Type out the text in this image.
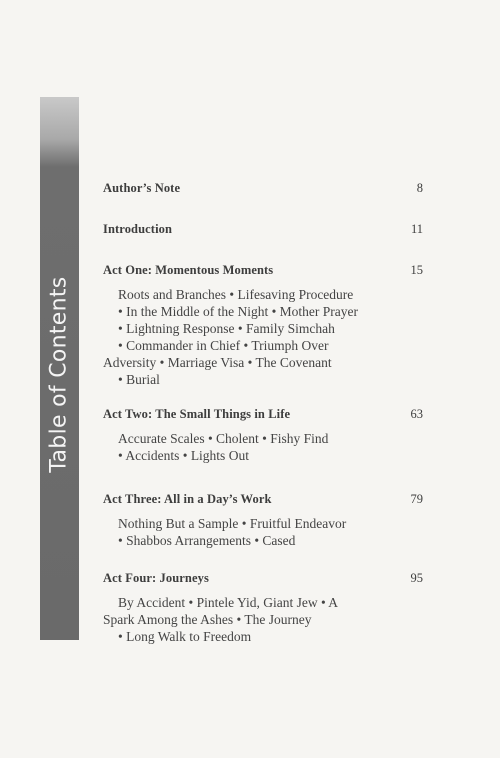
Table of Contents
Author’s Note	8
Introduction	11
Act One: Momentous Moments	15
Roots and Branches • Lifesaving Procedure
• In the Middle of the Night • Mother Prayer
• Lightning Response • Family Simchah
• Commander in Chief • Triumph Over
Adversity • Marriage Visa • The Covenant
• Burial
Act Two: The Small Things in Life	63
Accurate Scales • Cholent • Fishy Find
• Accidents • Lights Out
Act Three: All in a Day’s Work	79
Nothing But a Sample • Fruitful Endeavor
• Shabbos Arrangements • Cased
Act Four: Journeys	95
By Accident • Pintele Yid, Giant Jew • A
Spark Among the Ashes • The Journey
• Long Walk to Freedom
